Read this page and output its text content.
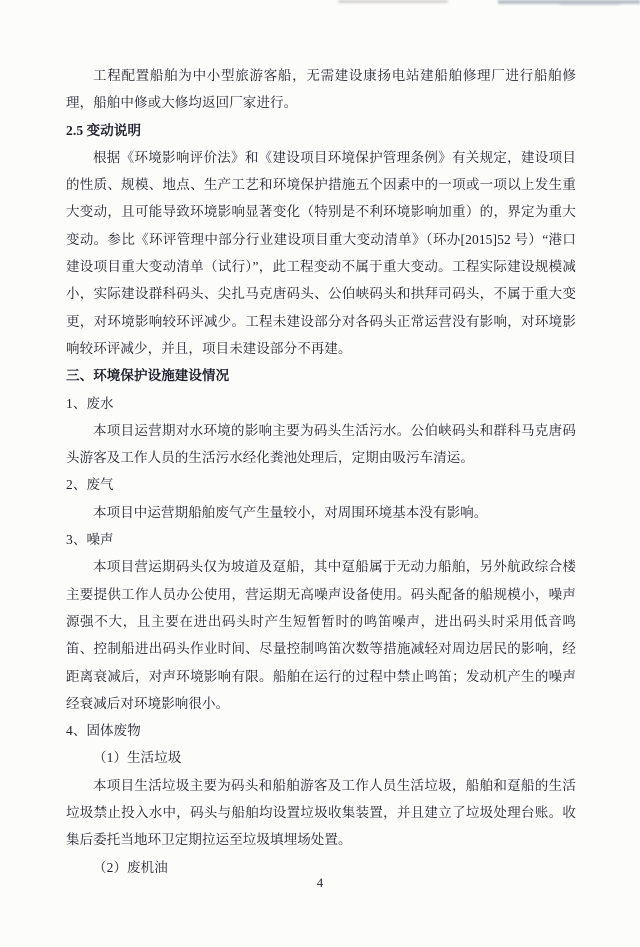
工程配置船舶为中小型旅游客船，无需建设康扬电站建船舶修理厂进行船舶修理，船舶中修或大修均返回厂家进行。

2.5 变动说明

根据《环境影响评价法》和《建设项目环境保护管理条例》有关规定，建设项目的性质、规模、地点、生产工艺和环境保护措施五个因素中的一项或一项以上发生重大变动，且可能导致环境影响显著变化（特别是不利环境影响加重）的，界定为重大变动。参比《环评管理中部分行业建设项目重大变动清单》（环办[2015]52 号）“港口建设项目重大变动清单（试行）”，此工程变动不属于重大变动。工程实际建设规模减小，实际建设群科码头、尖扎马克唐码头、公伯峡码头和拱拜司码头，不属于重大变更，对环境影响较环评减少。工程未建设部分对各码头正常运营没有影响，对环境影响较环评减少，并且，项目未建设部分不再建。

三、环境保护设施建设情况

1、废水

本项目运营期对水环境的影响主要为码头生活污水。公伯峡码头和群科马克唐码头游客及工作人员的生活污水经化粪池处理后，定期由吸污车清运。

2、废气

本项目中运营期船舶废气产生量较小，对周围环境基本没有影响。

3、噪声

本项目营运期码头仅为坡道及趸船，其中趸船属于无动力船舶，另外航政综合楼主要提供工作人员办公使用，营运期无高噪声设备使用。码头配备的船规模小，噪声源强不大，且主要在进出码头时产生短暂暂时的鸣笛噪声，进出码头时采用低音鸣笛、控制船进出码头作业时间、尽量控制鸣笛次数等措施减轻对周边居民的影响，经距离衰减后，对声环境影响有限。船舶在运行的过程中禁止鸣笛；发动机产生的噪声经衰减后对环境影响很小。

4、固体废物

（1）生活垃圾

本项目生活垃圾主要为码头和船舶游客及工作人员生活垃圾，船舶和趸船的生活垃圾禁止投入水中，码头与船舶均设置垃圾收集装置，并且建立了垃圾处理台账。收集后委托当地环卫定期拉运至垃圾填埋场处置。

（2）废机油

4
